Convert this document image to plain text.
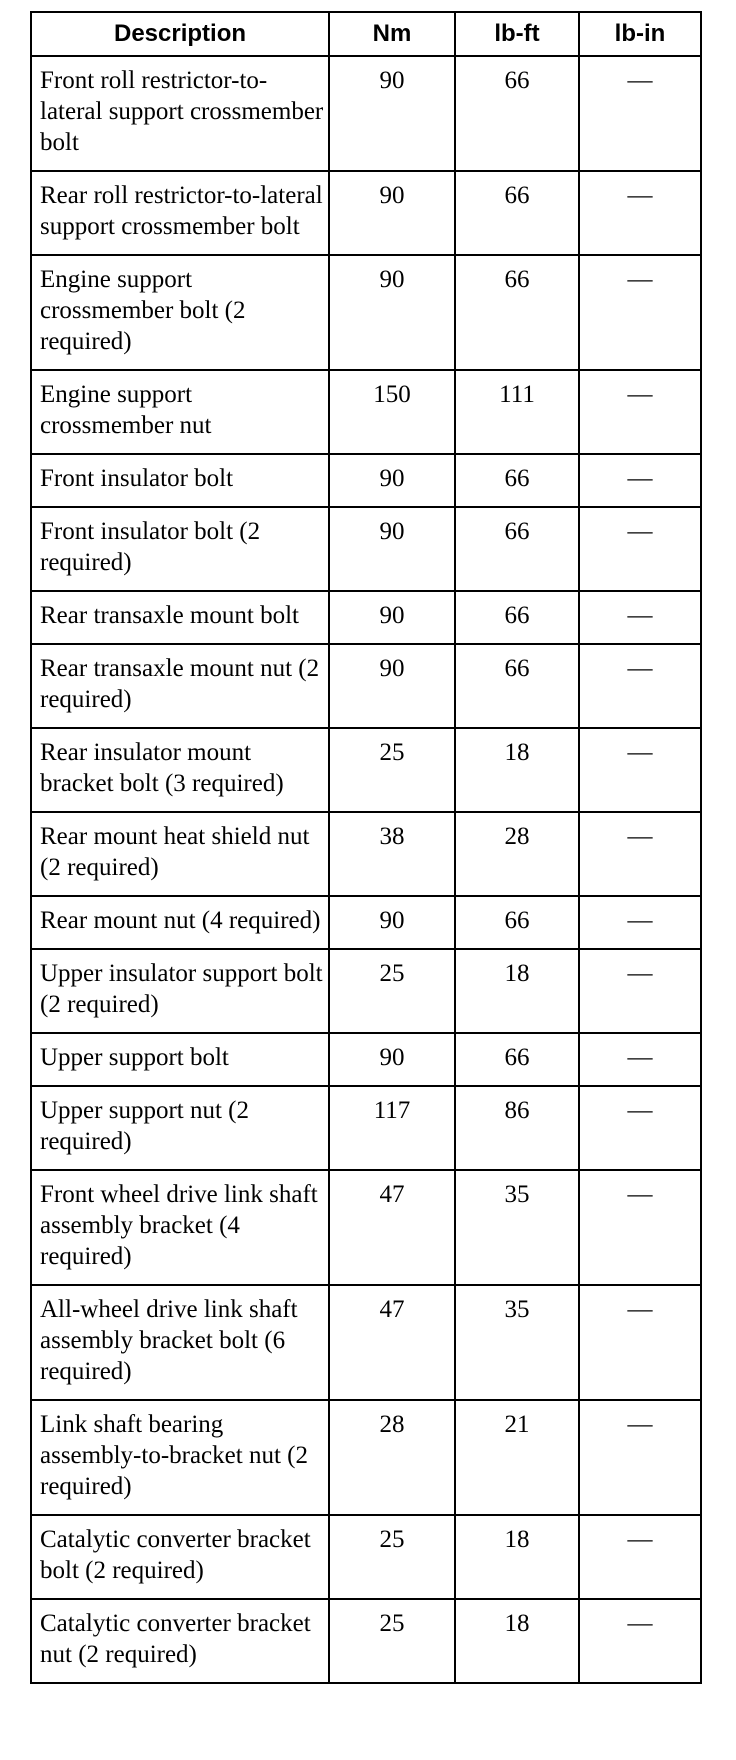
Description	Nm	lb-ft	lb-in
Front roll restrictor-to-lateral support crossmember bolt	90	66	—
Rear roll restrictor-to-lateral support crossmember bolt	90	66	—
Engine support crossmember bolt (2 required)	90	66	—
Engine support crossmember nut	150	111	—
Front insulator bolt	90	66	—
Front insulator bolt (2 required)	90	66	—
Rear transaxle mount bolt	90	66	—
Rear transaxle mount nut (2 required)	90	66	—
Rear insulator mount bracket bolt (3 required)	25	18	—
Rear mount heat shield nut (2 required)	38	28	—
Rear mount nut (4 required)	90	66	—
Upper insulator support bolt (2 required)	25	18	—
Upper support bolt	90	66	—
Upper support nut (2 required)	117	86	—
Front wheel drive link shaft assembly bracket (4 required)	47	35	—
All-wheel drive link shaft assembly bracket bolt (6 required)	47	35	—
Link shaft bearing assembly-to-bracket nut (2 required)	28	21	—
Catalytic converter bracket bolt (2 required)	25	18	—
Catalytic converter bracket nut (2 required)	25	18	—
